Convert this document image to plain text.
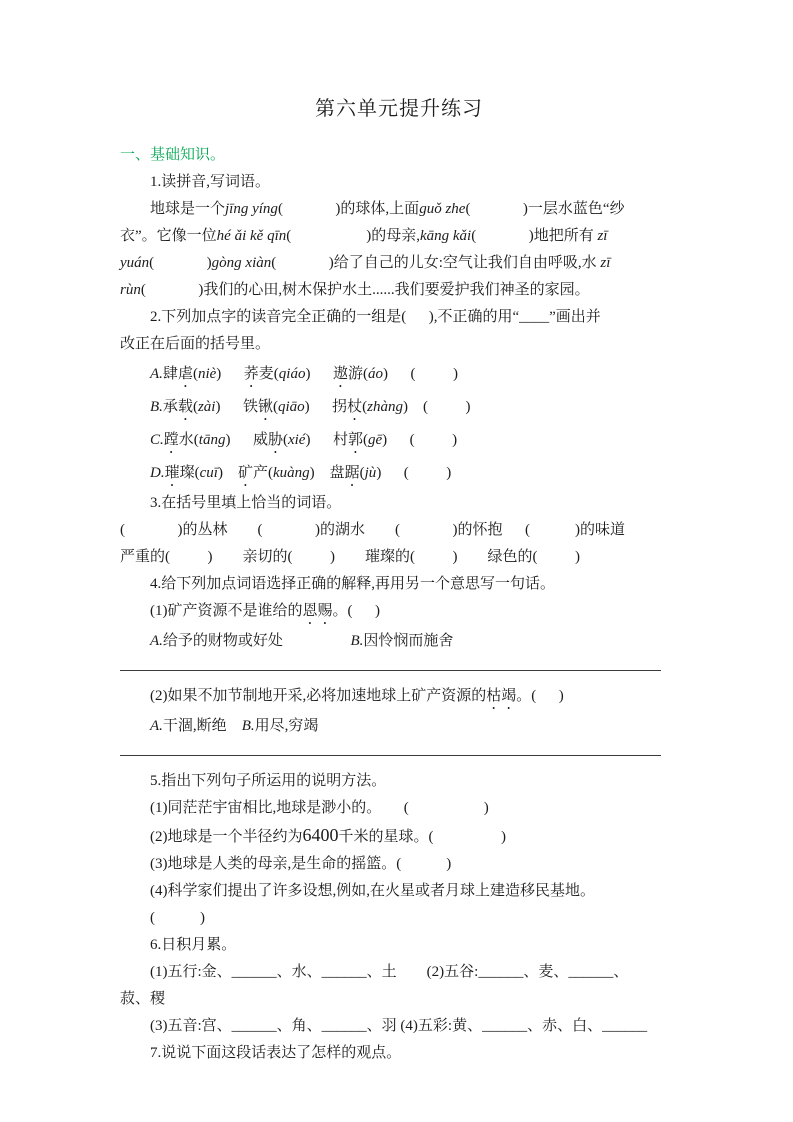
第六单元提升练习
一、基础知识。
1.读拼音,写词语。
地球是一个jīng yíng(              )的球体,上面guǒ zhe(              )一层水蓝色“纱
衣”。它像一位hé ǎi kě qīn(                    )的母亲,kāng kǎi(              )地把所有 zī
yuán(              )gòng xiàn(              )给了自己的儿女:空气让我们自由呼吸,水 zī
rùn(              )我们的心田,树木保护水土......我们要爱护我们神圣的家园。
2.下列加点字的读音完全正确的一组是(      ),不正确的用“____”画出并
改正在后面的括号里。
A.肆虐(niè)      荞麦(qiáo)      遨游(áo)      (          )
B.承载(zài)      铁锹(qiāo)      拐杖(zhàng)    (          )
C.蹚水(tāng)      威胁(xié)      村郭(gē)      (          )
D.璀璨(cuī)    矿产(kuàng)    盘踞(jù)      (          )
3.在括号里填上恰当的词语。
(              )的丛林        (              )的湖水        (              )的怀抱      (            )的味道
严重的(          )        亲切的(          )        璀璨的(          )        绿色的(          )
4.给下列加点词语选择正确的解释,再用另一个意思写一句话。
(1)矿产资源不是谁给的恩赐。(      )
A.给予的财物或好处	B.因怜悯而施舍
(2)如果不加节制地开采,必将加速地球上矿产资源的枯竭。(      )
A.干涸,断绝    B.用尽,穷竭
5.指出下列句子所运用的说明方法。
(1)同茫茫宇宙相比,地球是渺小的。      (                    )
(2)地球是一个半径约为6400千米的星球。(                  )
(3)地球是人类的母亲,是生命的摇篮。(            )
(4)科学家们提出了许多设想,例如,在火星或者月球上建造移民基地。
(            )
6.日积月累。
(1)五行:金、______、水、______、土        (2)五谷:______、麦、______、
菽、稷
(3)五音:宫、______、角、______、羽 (4)五彩:黄、______、赤、白、______
7.说说下面这段话表达了怎样的观点。
